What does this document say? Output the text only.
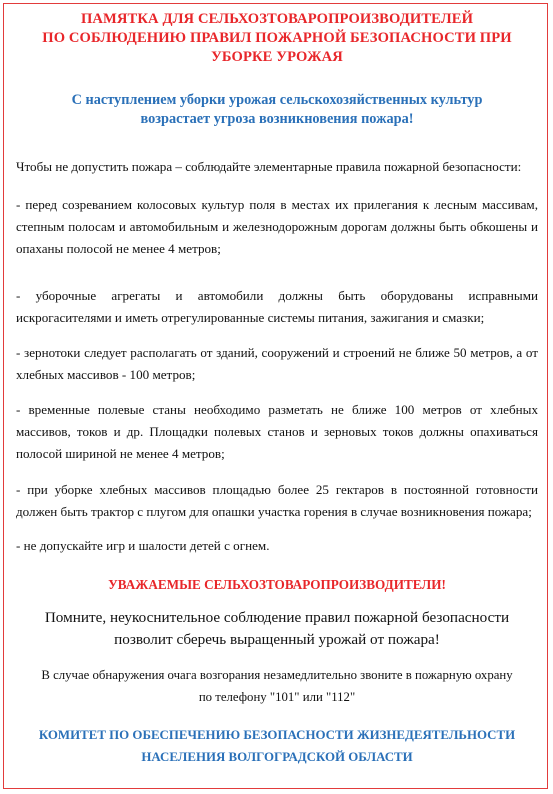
ПАМЯТКА ДЛЯ СЕЛЬХОЗТОВАРОПРОИЗВОДИТЕЛЕЙ
ПО СОБЛЮДЕНИЮ ПРАВИЛ ПОЖАРНОЙ БЕЗОПАСНОСТИ ПРИ
УБОРКЕ УРОЖАЯ
С наступлением уборки урожая сельскохозяйственных культур
возрастает угроза возникновения пожара!

Чтобы не допустить пожара – соблюдайте элементарные правила пожарной безопасности:

- перед созреванием колосовых культур поля в местах их прилегания к лесным массивам, степным полосам и автомобильным и железнодорожным дорогам должны быть обкошены и опаханы полосой не менее 4 метров;

- уборочные агрегаты и автомобили должны быть оборудованы исправными искрогасителями и иметь отрегулированные системы питания, зажигания и смазки;

- зернотоки следует располагать от зданий, сооружений и строений не ближе 50 метров, а от хлебных массивов - 100 метров;

- временные полевые станы необходимо разметать не ближе 100 метров от хлебных массивов, токов и др. Площадки полевых станов и зерновых токов должны опахиваться полосой шириной не менее 4 метров;

- при уборке хлебных массивов площадью более 25 гектаров в постоянной готовности должен быть трактор с плугом для опашки участка горения в случае возникновения пожара;

- не допускайте игр и шалости детей с огнем.

УВАЖАЕМЫЕ СЕЛЬХОЗТОВАРОПРОИЗВОДИТЕЛИ!

Помните, неукоснительное соблюдение правил пожарной безопасности
позволит сберечь выращенный урожай от пожара!

В случае обнаружения очага возгорания незамедлительно звоните в пожарную охрану
по телефону "101" или "112"

КОМИТЕТ ПО ОБЕСПЕЧЕНИЮ БЕЗОПАСНОСТИ ЖИЗНЕДЕЯТЕЛЬНОСТИ
НАСЕЛЕНИЯ ВОЛГОГРАДСКОЙ ОБЛАСТИ
